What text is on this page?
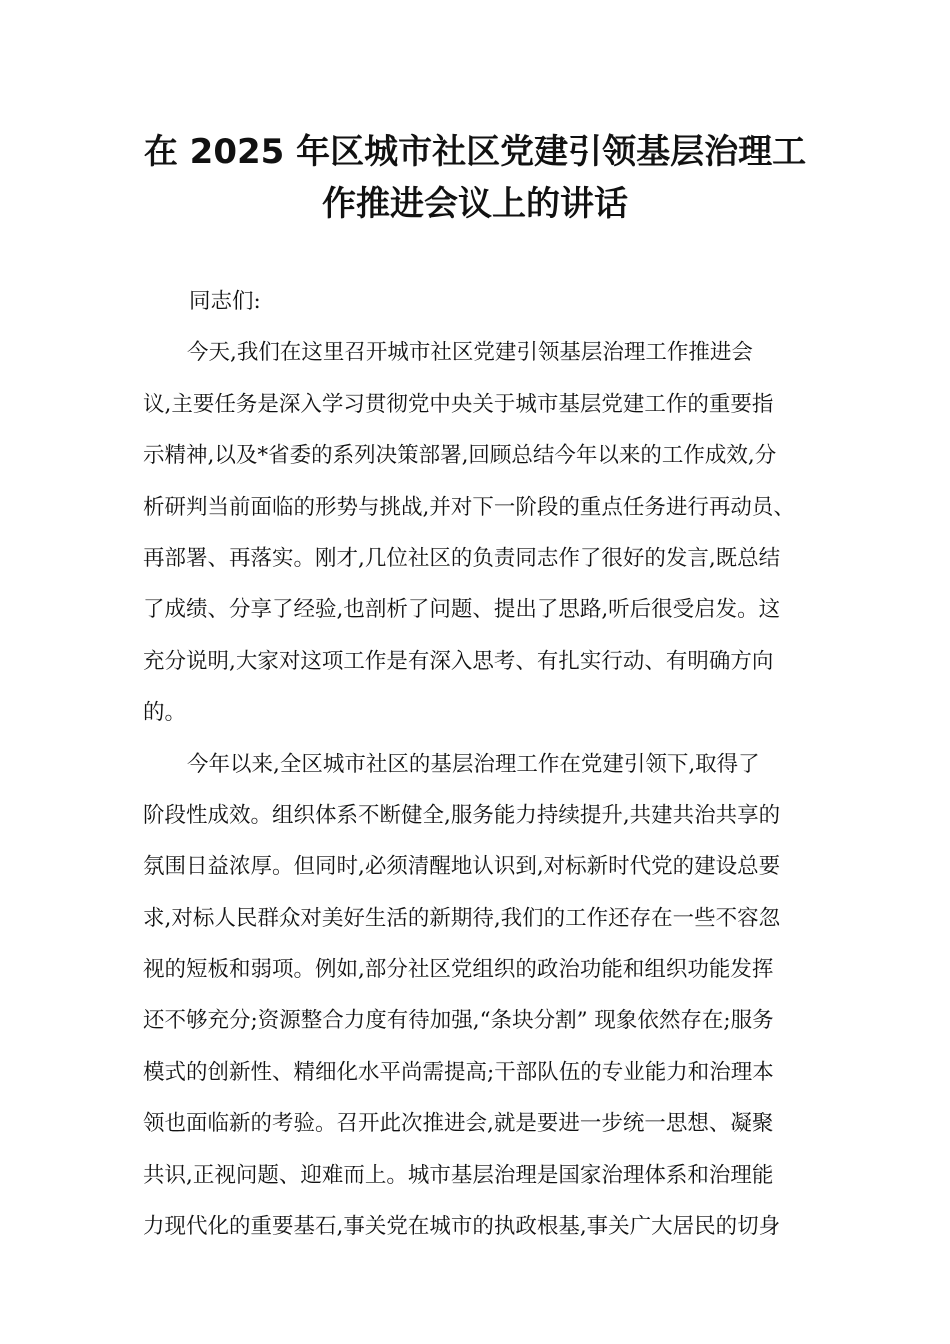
在 2025 年区城市社区党建引领基层治理工
作推进会议上的讲话
同志们:
今天,我们在这里召开城市社区党建引领基层治理工作推进会
议,主要任务是深入学习贯彻党中央关于城市基层党建工作的重要指
示精神,以及*省委的系列决策部署,回顾总结今年以来的工作成效,分
析研判当前面临的形势与挑战,并对下一阶段的重点任务进行再动员、
再部署、再落实。刚才,几位社区的负责同志作了很好的发言,既总结
了成绩、分享了经验,也剖析了问题、提出了思路,听后很受启发。这
充分说明,大家对这项工作是有深入思考、有扎实行动、有明确方向
的。
今年以来,全区城市社区的基层治理工作在党建引领下,取得了
阶段性成效。组织体系不断健全,服务能力持续提升,共建共治共享的
氛围日益浓厚。但同时,必须清醒地认识到,对标新时代党的建设总要
求,对标人民群众对美好生活的新期待,我们的工作还存在一些不容忽
视的短板和弱项。例如,部分社区党组织的政治功能和组织功能发挥
还不够充分;资源整合力度有待加强,“条块分割” 现象依然存在;服务
模式的创新性、精细化水平尚需提高;干部队伍的专业能力和治理本
领也面临新的考验。召开此次推进会,就是要进一步统一思想、凝聚
共识,正视问题、迎难而上。城市基层治理是国家治理体系和治理能
力现代化的重要基石,事关党在城市的执政根基,事关广大居民的切身
